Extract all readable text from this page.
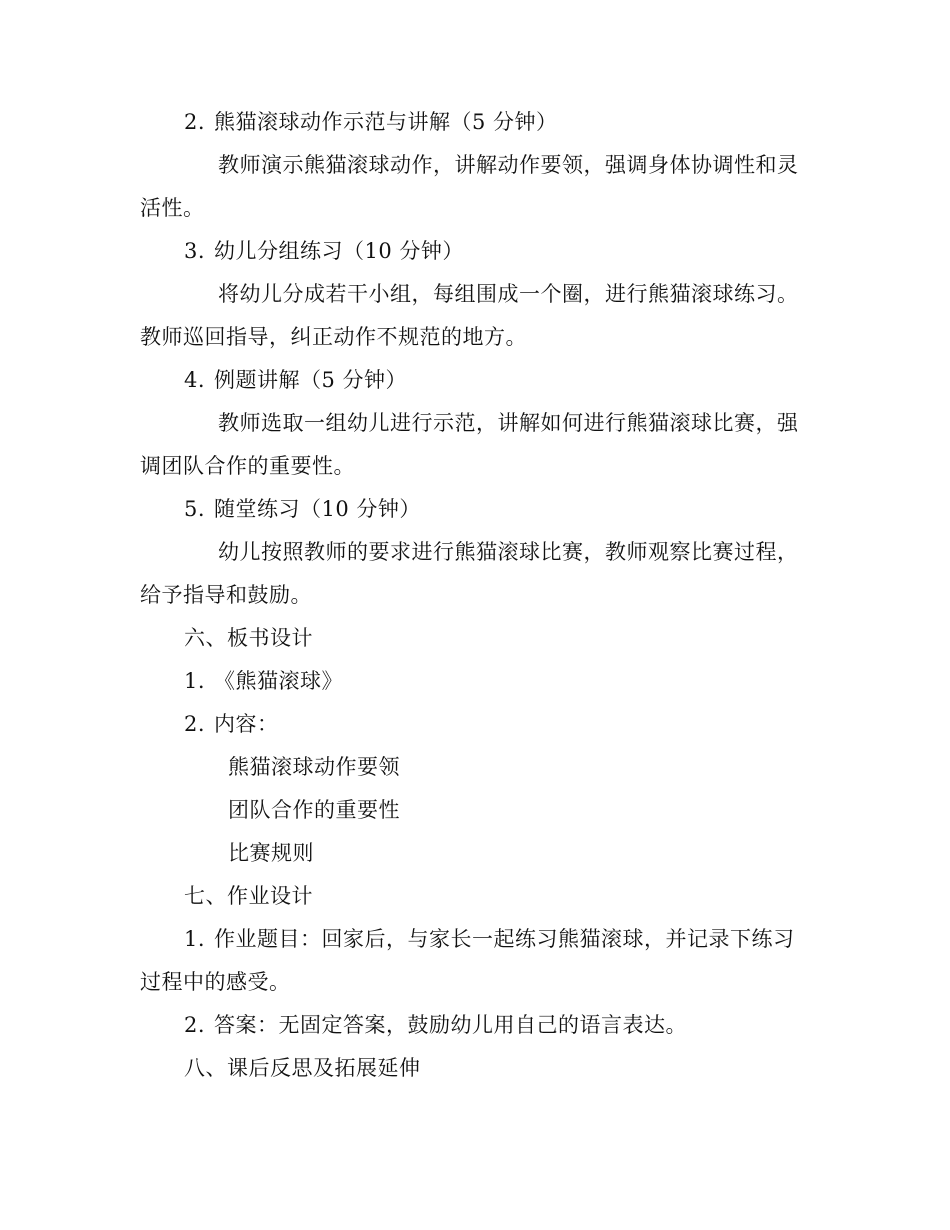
2. 熊猫滚球动作示范与讲解（5 分钟）
教师演示熊猫滚球动作，讲解动作要领，强调身体协调性和灵
活性。
3. 幼儿分组练习（10 分钟）
将幼儿分成若干小组，每组围成一个圈，进行熊猫滚球练习。
教师巡回指导，纠正动作不规范的地方。
4. 例题讲解（5 分钟）
教师选取一组幼儿进行示范，讲解如何进行熊猫滚球比赛，强
调团队合作的重要性。
5. 随堂练习（10 分钟）
幼儿按照教师的要求进行熊猫滚球比赛，教师观察比赛过程，
给予指导和鼓励。
六、板书设计
1. 《熊猫滚球》
2. 内容：
熊猫滚球动作要领
团队合作的重要性
比赛规则
七、作业设计
1. 作业题目：回家后，与家长一起练习熊猫滚球，并记录下练习
过程中的感受。
2. 答案：无固定答案，鼓励幼儿用自己的语言表达。
八、课后反思及拓展延伸
